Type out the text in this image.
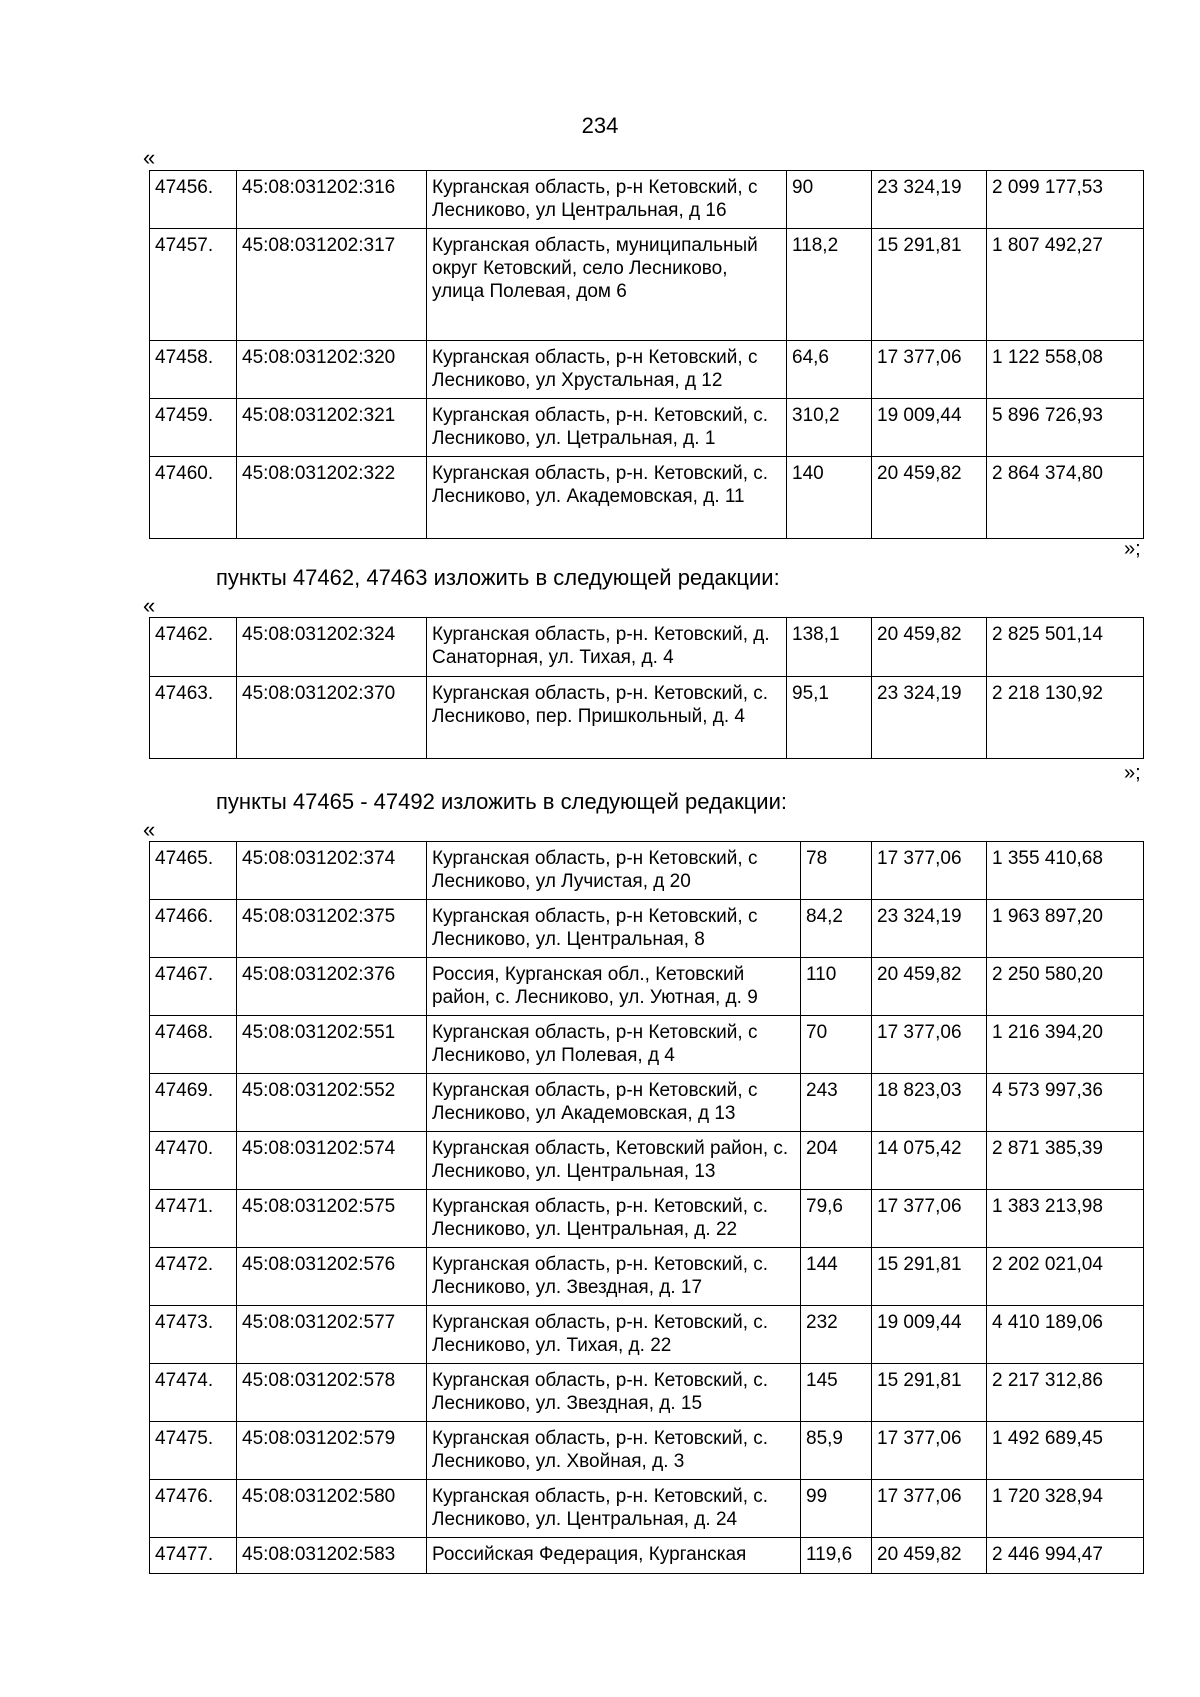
234
«
47456.	45:08:031202:316	Курганская область, р-н Кетовский, с Лесниково, ул Центральная, д 16	90	23 324,19	2 099 177,53
47457.	45:08:031202:317	Курганская область, муниципальный округ Кетовский, село Лесниково, улица Полевая, дом 6	118,2	15 291,81	1 807 492,27
47458.	45:08:031202:320	Курганская область, р-н Кетовский, с Лесниково, ул Хрустальная, д 12	64,6	17 377,06	1 122 558,08
47459.	45:08:031202:321	Курганская область, р-н. Кетовский, с. Лесниково, ул. Цетральная, д. 1	310,2	19 009,44	5 896 726,93
47460.	45:08:031202:322	Курганская область, р-н. Кетовский, с. Лесниково, ул. Академовская, д. 11	140	20 459,82	2 864 374,80
»;
пункты 47462, 47463 изложить в следующей редакции:
«
47462.	45:08:031202:324	Курганская область, р-н. Кетовский, д. Санаторная, ул. Тихая, д. 4	138,1	20 459,82	2 825 501,14
47463.	45:08:031202:370	Курганская область, р-н. Кетовский, с. Лесниково, пер. Пришкольный, д. 4	95,1	23 324,19	2 218 130,92
»;
пункты 47465 - 47492 изложить в следующей редакции:
«
47465.	45:08:031202:374	Курганская область, р-н Кетовский, с Лесниково, ул Лучистая, д 20	78	17 377,06	1 355 410,68
47466.	45:08:031202:375	Курганская область, р-н Кетовский, с Лесниково, ул. Центральная, 8	84,2	23 324,19	1 963 897,20
47467.	45:08:031202:376	Россия, Курганская обл., Кетовский район, с. Лесниково, ул. Уютная, д. 9	110	20 459,82	2 250 580,20
47468.	45:08:031202:551	Курганская область, р-н Кетовский, с Лесниково, ул Полевая, д 4	70	17 377,06	1 216 394,20
47469.	45:08:031202:552	Курганская область, р-н Кетовский, с Лесниково, ул Академовская, д 13	243	18 823,03	4 573 997,36
47470.	45:08:031202:574	Курганская область, Кетовский район, с. Лесниково, ул. Центральная, 13	204	14 075,42	2 871 385,39
47471.	45:08:031202:575	Курганская область, р-н. Кетовский, с. Лесниково, ул. Центральная, д. 22	79,6	17 377,06	1 383 213,98
47472.	45:08:031202:576	Курганская область, р-н. Кетовский, с. Лесниково, ул. Звездная, д. 17	144	15 291,81	2 202 021,04
47473.	45:08:031202:577	Курганская область, р-н. Кетовский, с. Лесниково, ул. Тихая, д. 22	232	19 009,44	4 410 189,06
47474.	45:08:031202:578	Курганская область, р-н. Кетовский, с. Лесниково, ул. Звездная, д. 15	145	15 291,81	2 217 312,86
47475.	45:08:031202:579	Курганская область, р-н. Кетовский, с. Лесниково, ул. Хвойная, д. 3	85,9	17 377,06	1 492 689,45
47476.	45:08:031202:580	Курганская область, р-н. Кетовский, с. Лесниково, ул. Центральная, д. 24	99	17 377,06	1 720 328,94
47477.	45:08:031202:583	Российская Федерация, Курганская	119,6	20 459,82	2 446 994,47
